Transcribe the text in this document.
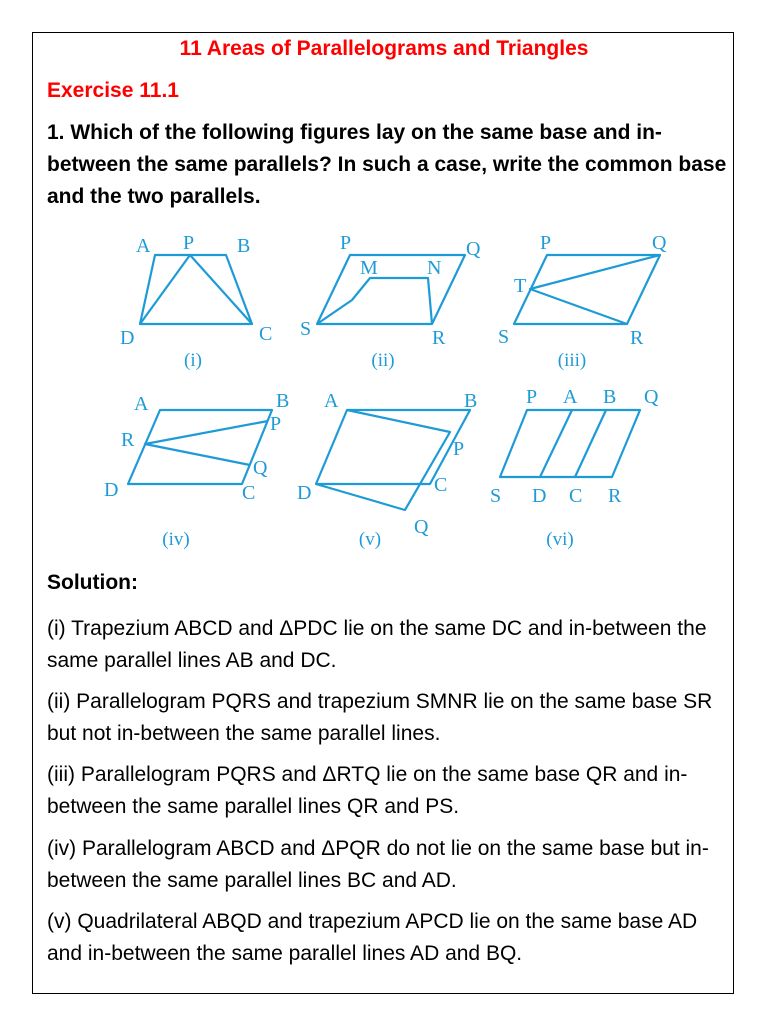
11 Areas of Parallelograms and Triangles
Exercise 11.1

1. Which of the following figures lay on the same base and in-between the same parallels? In such a case, write the common base and the two parallels.

A P B
D	C
P	Q
M N
S	R
P	Q
T
S	R
A	B
P
R
Q
D	C
A	B
P
D	C
Q
P A B Q
S D C R
(i)	(ii)	(iii)
(iv)	(v)	(vi)
Solution:

(i) Trapezium ABCD and ΔPDC lie on the same DC and in-between the same parallel lines AB and DC.

(ii) Parallelogram PQRS and trapezium SMNR lie on the same base SR but not in-between the same parallel lines.

(iii) Parallelogram PQRS and ΔRTQ lie on the same base QR and in-between the same parallel lines QR and PS.

(iv) Parallelogram ABCD and ΔPQR do not lie on the same base but in-between the same parallel lines BC and AD.

(v) Quadrilateral ABQD and trapezium APCD lie on the same base AD and in-between the same parallel lines AD and BQ.
